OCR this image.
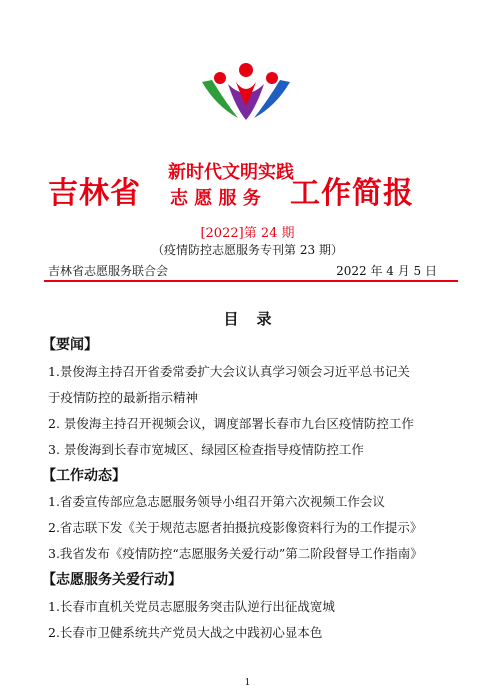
吉林省
新时代文明实践
志 愿 服 务 工作简报
[2022]第 24 期
（疫情防控志愿服务专刊第 23 期）
吉林省志愿服务联合会	2022 年 4 月 5 日
目录
【要闻】
1.景俊海主持召开省委常委扩大会议认真学习领会习近平总书记关
于疫情防控的最新指示精神
2. 景俊海主持召开视频会议，调度部署长春市九台区疫情防控工作
3. 景俊海到长春市宽城区、绿园区检查指导疫情防控工作
【工作动态】
1.省委宣传部应急志愿服务领导小组召开第六次视频工作会议
2.省志联下发《关于规范志愿者拍摄抗疫影像资料行为的工作提示》
3.我省发布《疫情防控“志愿服务关爱行动”第二阶段督导工作指南》
【志愿服务关爱行动】
1.长春市直机关党员志愿服务突击队逆行出征战宽城
2.长春市卫健系统共产党员大战之中践初心显本色
1
